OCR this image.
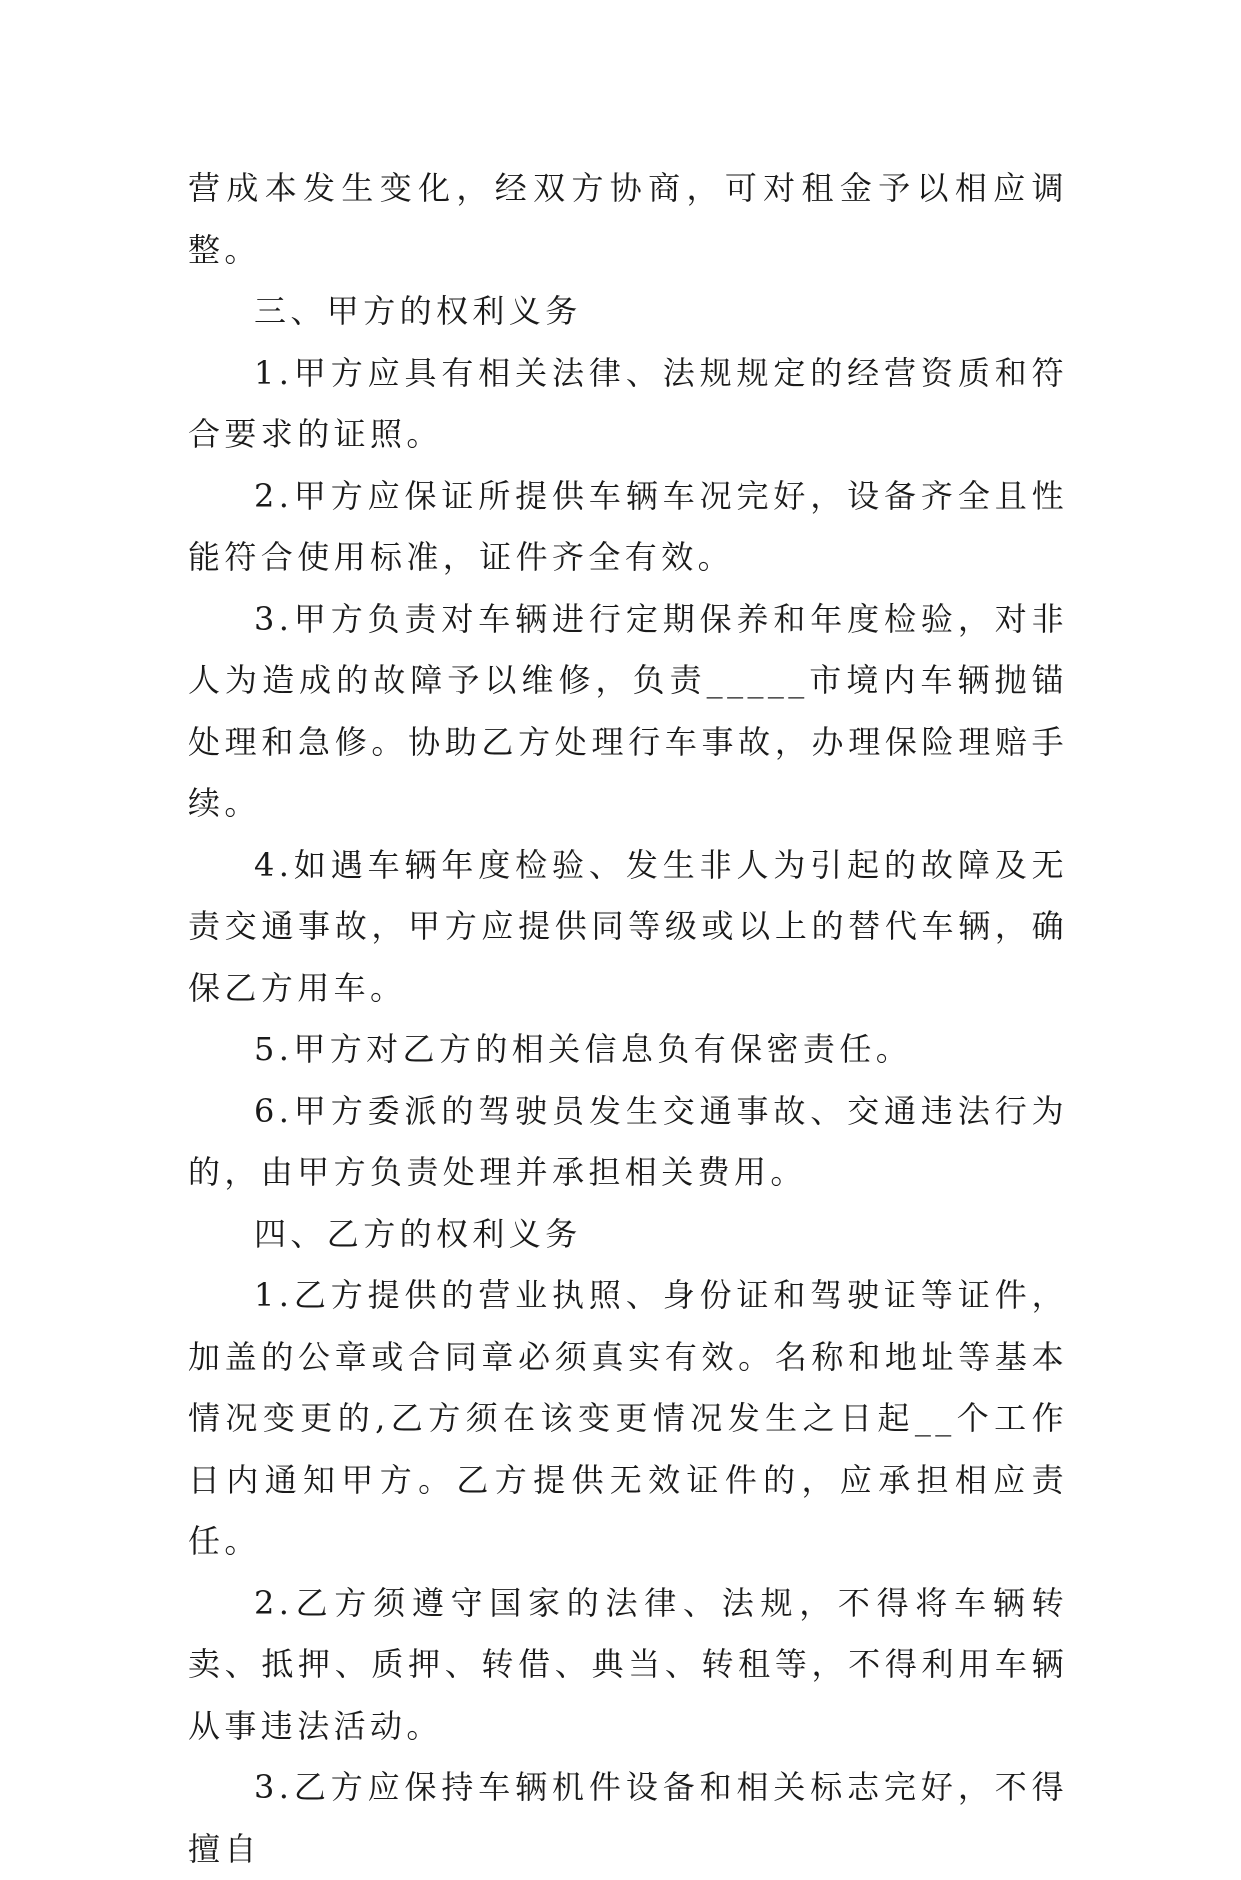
营成本发生变化，经双方协商，可对租金予以相应调整。

三、甲方的权利义务

1.甲方应具有相关法律、法规规定的经营资质和符合要求的证照。

2.甲方应保证所提供车辆车况完好，设备齐全且性能符合使用标准，证件齐全有效。

3.甲方负责对车辆进行定期保养和年度检验，对非人为造成的故障予以维修，负责_____市境内车辆抛锚处理和急修。协助乙方处理行车事故，办理保险理赔手续。

4.如遇车辆年度检验、发生非人为引起的故障及无责交通事故，甲方应提供同等级或以上的替代车辆，确保乙方用车。

5.甲方对乙方的相关信息负有保密责任。

6.甲方委派的驾驶员发生交通事故、交通违法行为的，由甲方负责处理并承担相关费用。

四、乙方的权利义务

1.乙方提供的营业执照、身份证和驾驶证等证件，加盖的公章或合同章必须真实有效。名称和地址等基本情况变更的,乙方须在该变更情况发生之日起__个工作日内通知甲方。乙方提供无效证件的，应承担相应责任。

2.乙方须遵守国家的法律、法规，不得将车辆转卖、抵押、质押、转借、典当、转租等，不得利用车辆从事违法活动。

3.乙方应保持车辆机件设备和相关标志完好，不得擅自
